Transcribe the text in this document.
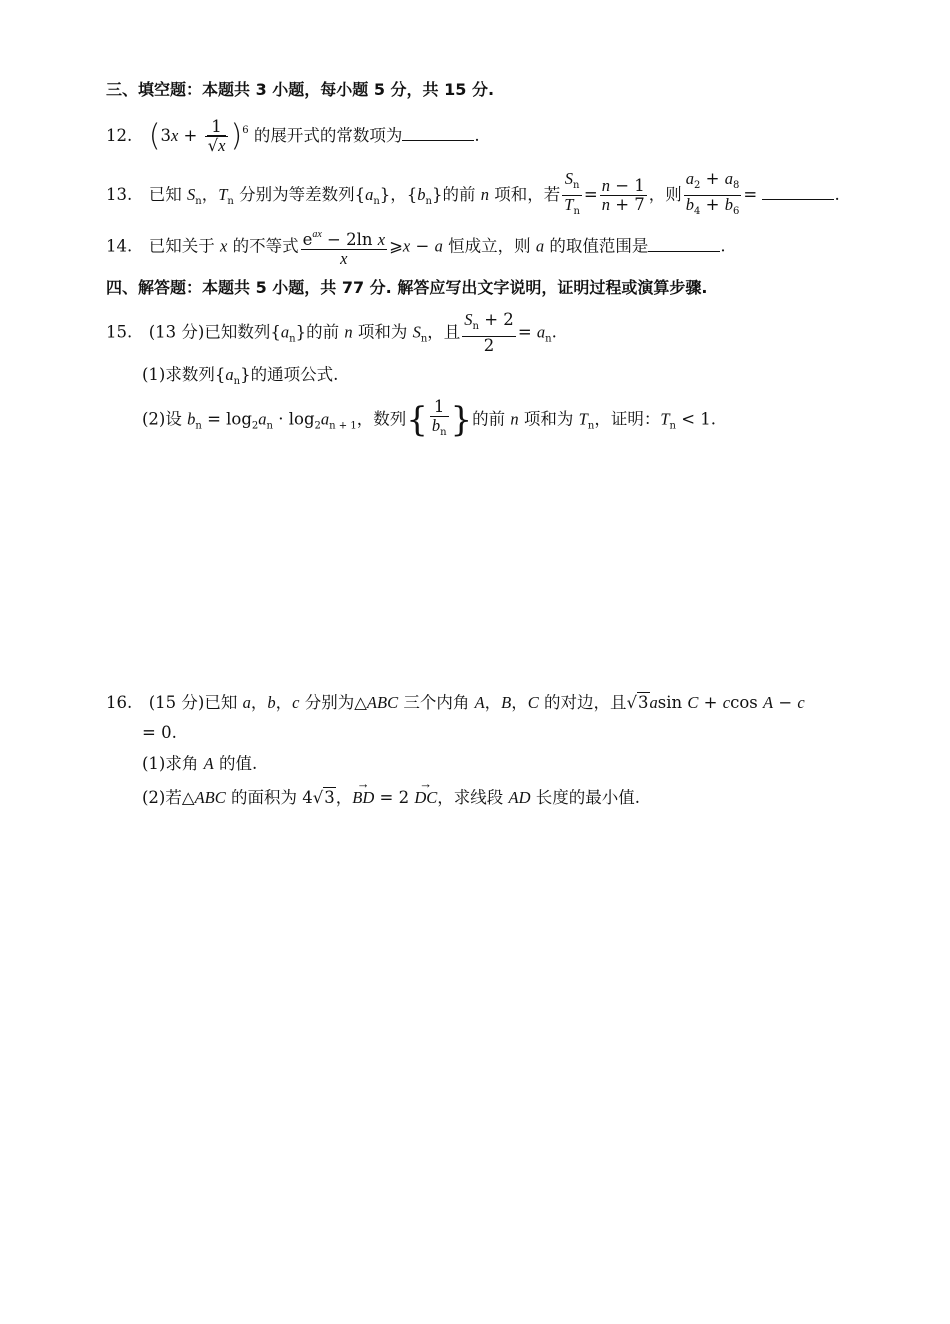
三、填空题：本题共 3 小题，每小题 5 分，共 15 分.
12. $(3x + \frac{1}{√x} )^6$ 的展开式的常数项为	.
13. 已知 $S_n$，$T_n$ 分别为等差数列$\{a_n\}$，$\{b_n\}$的前 n 项和，若 $\frac{S_n}{T_n} = \frac{n - 1}{n + 7}$ ，则 $\frac{a_2 + a_8}{b_4 + b_6}$ =	.
14. 已知关于 x 的不等式 $\frac{e^{ax} - 2\ln x}{x}$ ⩾x − a 恒成立，则 a 的取值范围是	.
四、解答题：本题共 5 小题，共 77 分. 解答应写出文字说明，证明过程或演算步骤.
15. (13 分)已知数列$\{a_n\}$的前 n 项和为 $S_n$，且 $\frac{S_n + 2}{2} = a_n$.
(1)求数列$\{a_n\}$的通项公式.
(2)设 $b_n = \log_2a_n \cdot \log_2a_{n + 1}$，数列{ $\frac{1}{b_n}$ }的前 n 项和为 $T_n$，证明：$T_n < 1$.
16. (15 分)已知 a，b，c 分别为△ABC 三个内角 A，B，C 的对边，且√3asin C + ccos A − c
= 0.
(1)求角 A 的值.
(2)若△ABC 的面积为 4√3，→ BD = 2 → DC，求线段 AD 长度的最小值.
